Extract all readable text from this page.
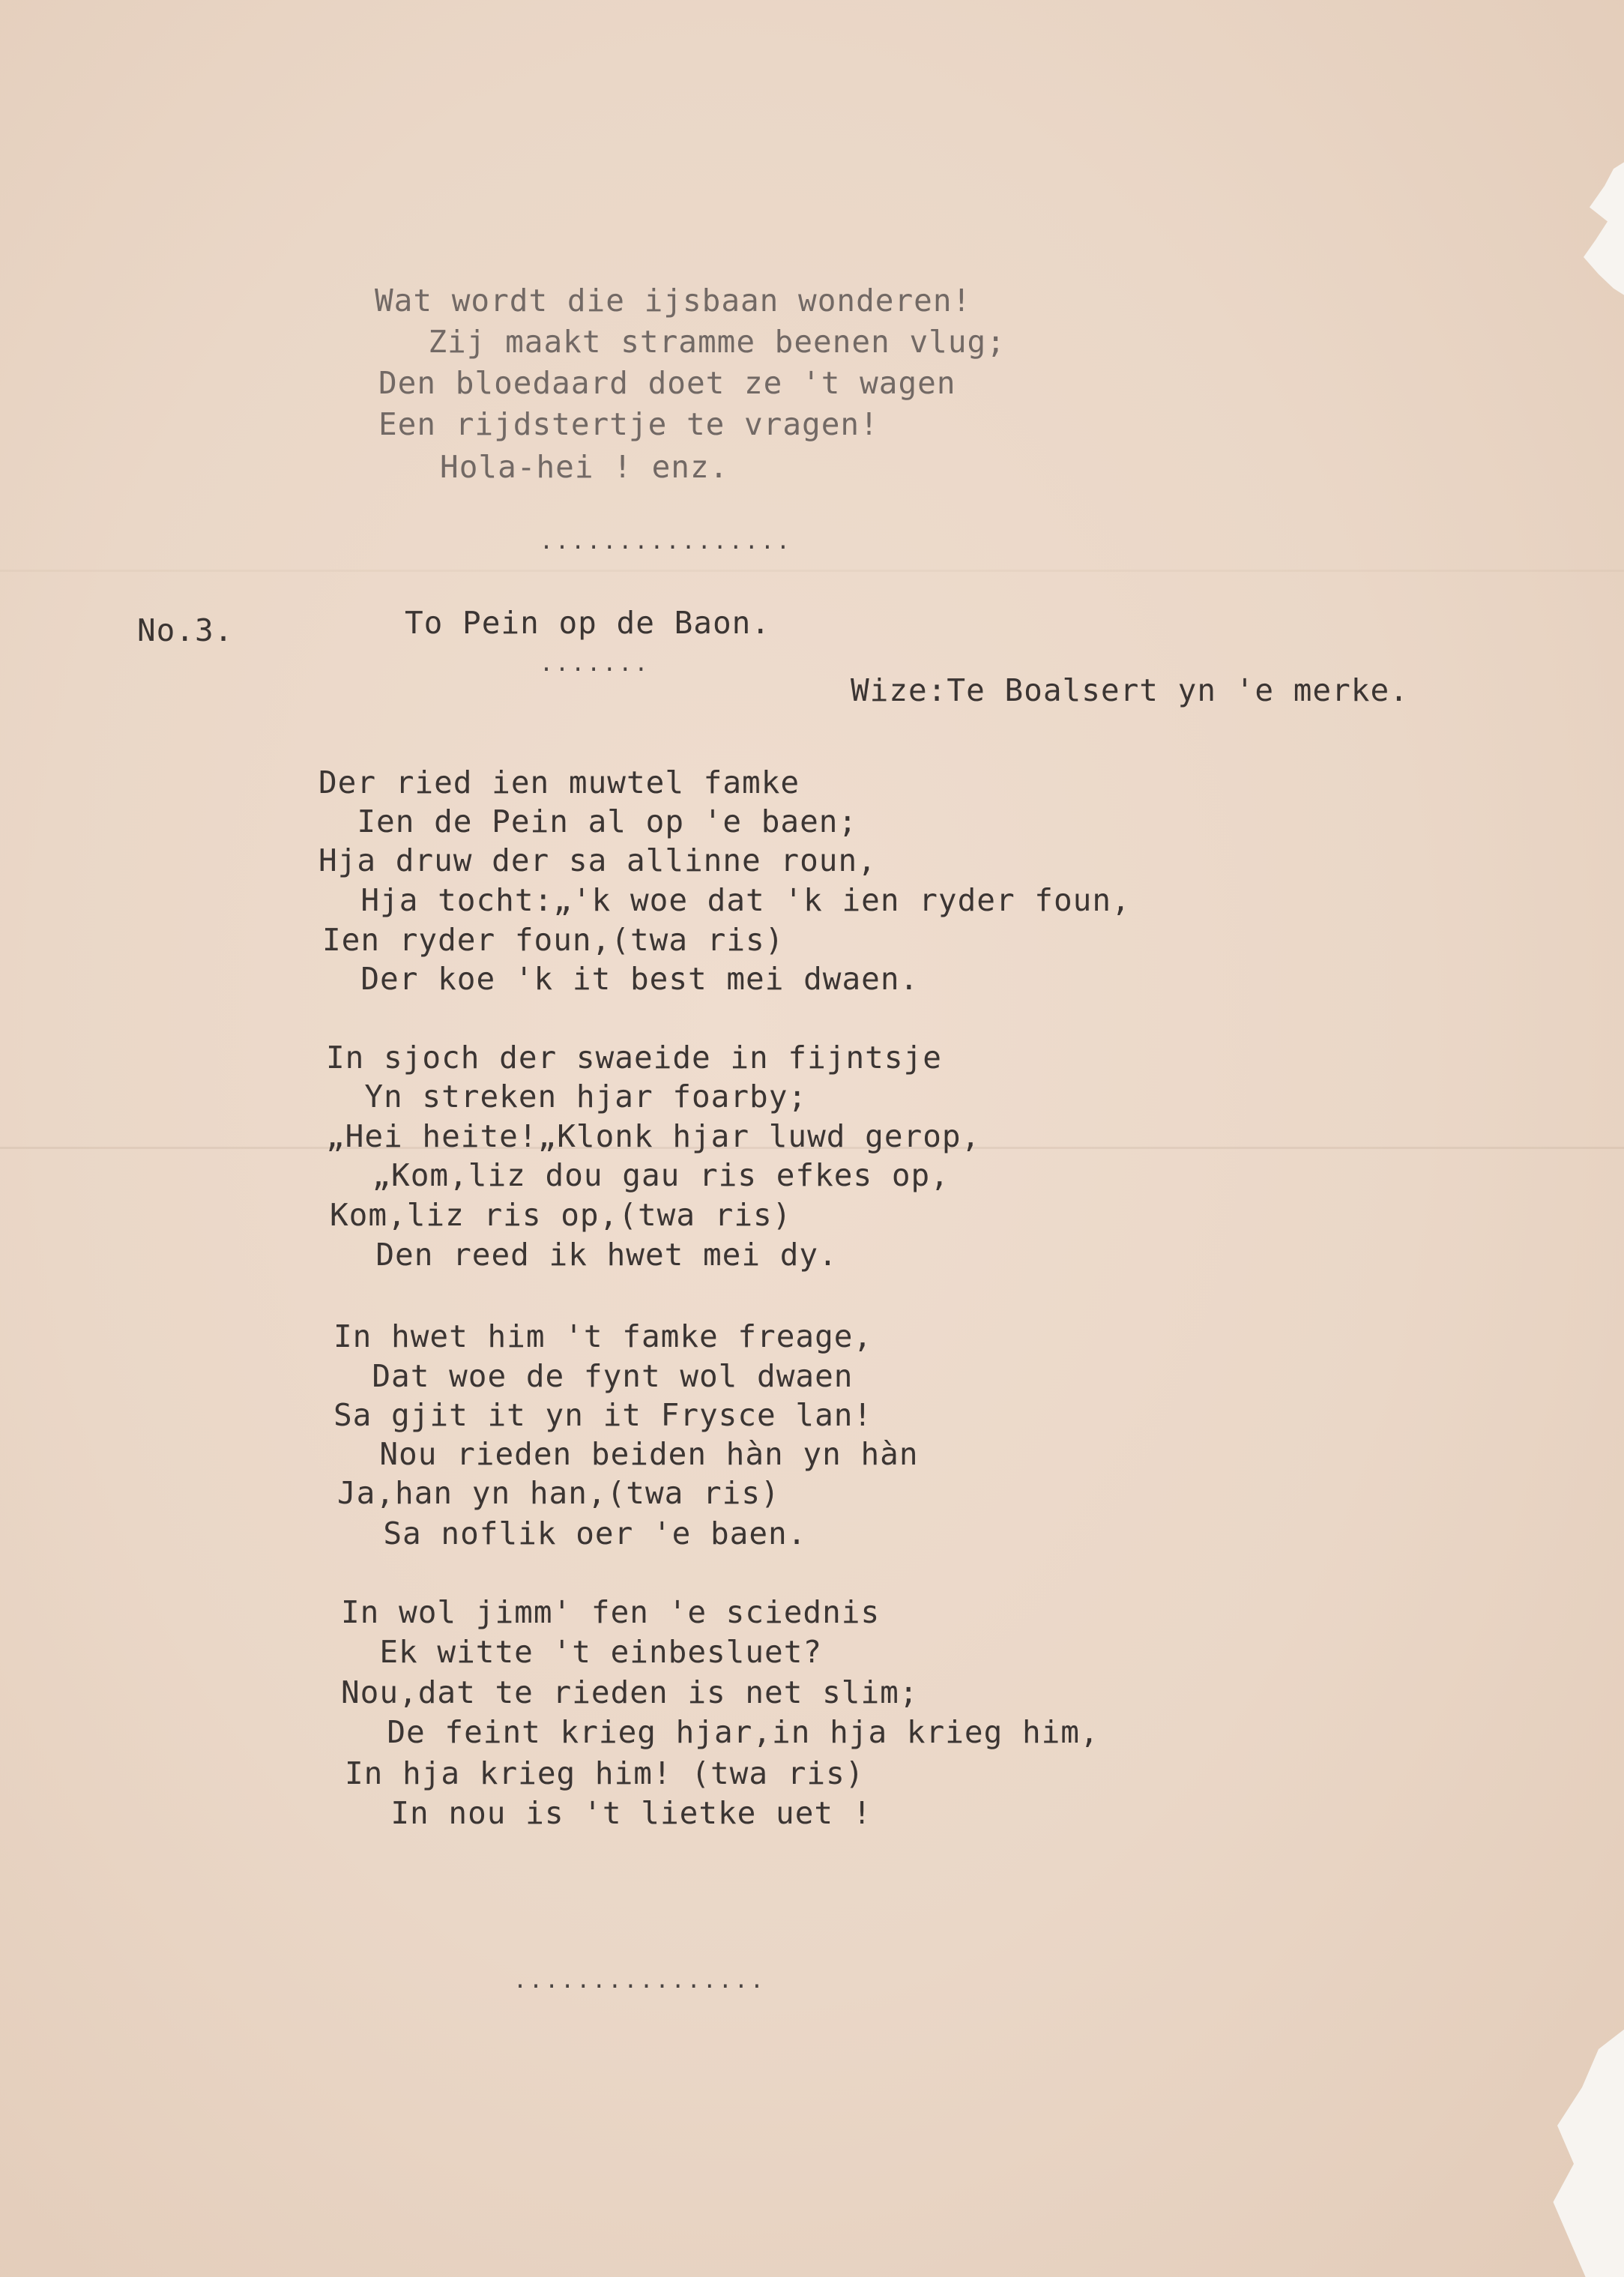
Wat wordt die ijsbaan wonderen!
Zij maakt stramme beenen vlug;
Den bloedaard doet ze 't wagen
Een rijdstertje te vragen!
Hola-hei ! enz.
................
No.3.	To Pein op de Baon.
.......
Wize:Te Boalsert yn 'e merke.
Der ried ien muwtel famke
Ien de Pein al op 'e baen;
Hja druw der sa allinne roun,
Hja tocht:„'k woe dat 'k ien ryder foun,
Ien ryder foun,(twa ris)
Der koe 'k it best mei dwaen.
In sjoch der swaeide in fijntsje
Yn streken hjar foarby;
„Hei heite!„Klonk hjar luwd gerop,
„Kom,liz dou gau ris efkes op,
Kom,liz ris op,(twa ris)
Den reed ik hwet mei dy.
In hwet him 't famke freage,
Dat woe de fynt wol dwaen
Sa gjit it yn it Frysce lan!
Nou rieden beiden hàn yn hàn
Ja,han yn han,(twa ris)
Sa noflik oer 'e baen.
In wol jimm' fen 'e sciednis
Ek witte 't einbesluet?
Nou,dat te rieden is net slim;
De feint krieg hjar,in hja krieg him,
In hja krieg him! (twa ris)
In nou is 't lietke uet !
................
